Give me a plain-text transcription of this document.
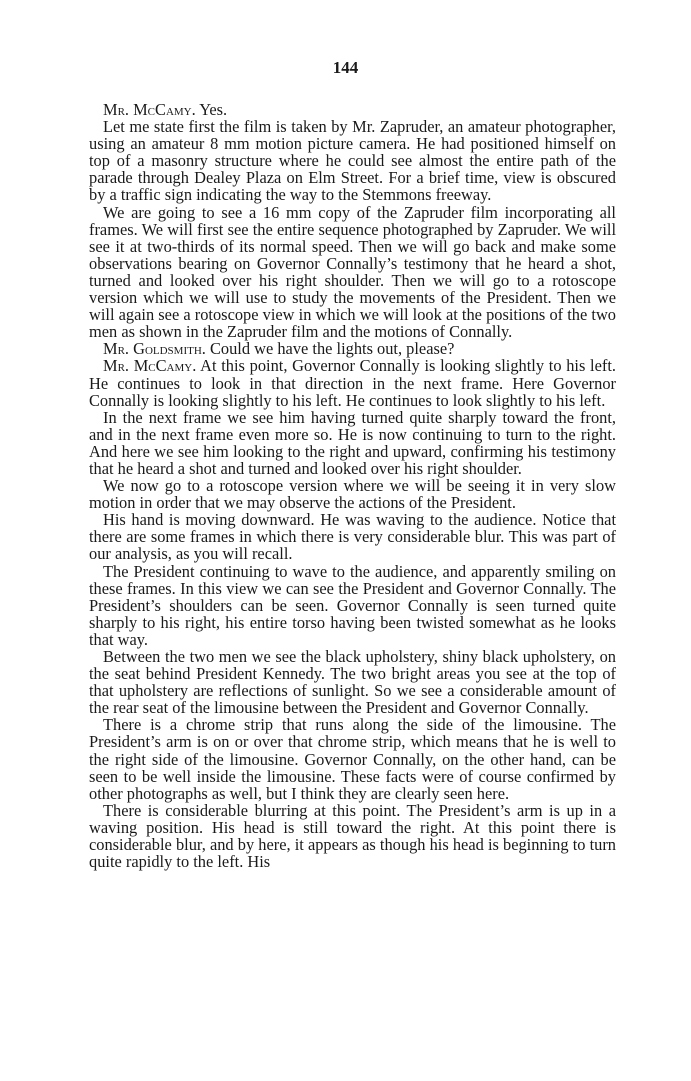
144

Mr. McCamy. Yes.

Let me state first the film is taken by Mr. Zapruder, an amateur photographer, using an amateur 8 mm motion picture camera. He had positioned himself on top of a masonry structure where he could see almost the entire path of the parade through Dealey Plaza on Elm Street. For a brief time, view is obscured by a traffic sign indicating the way to the Stemmons freeway.

We are going to see a 16 mm copy of the Zapruder film incorporating all frames. We will first see the entire sequence photographed by Zapruder. We will see it at two-thirds of its normal speed. Then we will go back and make some observations bearing on Governor Connally’s testimony that he heard a shot, turned and looked over his right shoulder. Then we will go to a rotoscope version which we will use to study the movements of the President. Then we will again see a rotoscope view in which we will look at the positions of the two men as shown in the Zapruder film and the motions of Connally.

Mr. Goldsmith. Could we have the lights out, please?

Mr. McCamy. At this point, Governor Connally is looking slightly to his left. He continues to look in that direction in the next frame. Here Governor Connally is looking slightly to his left. He continues to look slightly to his left.

In the next frame we see him having turned quite sharply toward the front, and in the next frame even more so. He is now continuing to turn to the right. And here we see him looking to the right and upward, confirming his testimony that he heard a shot and turned and looked over his right shoulder.

We now go to a rotoscope version where we will be seeing it in very slow motion in order that we may observe the actions of the President.

His hand is moving downward. He was waving to the audience. Notice that there are some frames in which there is very considerable blur. This was part of our analysis, as you will recall.

The President continuing to wave to the audience, and apparently smiling on these frames. In this view we can see the President and Governor Connally. The President’s shoulders can be seen. Governor Connally is seen turned quite sharply to his right, his entire torso having been twisted somewhat as he looks that way.

Between the two men we see the black upholstery, shiny black upholstery, on the seat behind President Kennedy. The two bright areas you see at the top of that upholstery are reflections of sunlight. So we see a considerable amount of the rear seat of the limousine between the President and Governor Connally.

There is a chrome strip that runs along the side of the limousine. The President’s arm is on or over that chrome strip, which means that he is well to the right side of the limousine. Governor Connally, on the other hand, can be seen to be well inside the limousine. These facts were of course confirmed by other photographs as well, but I think they are clearly seen here.

There is considerable blurring at this point. The President’s arm is up in a waving position. His head is still toward the right. At this point there is considerable blur, and by here, it appears as though his head is beginning to turn quite rapidly to the left. His
